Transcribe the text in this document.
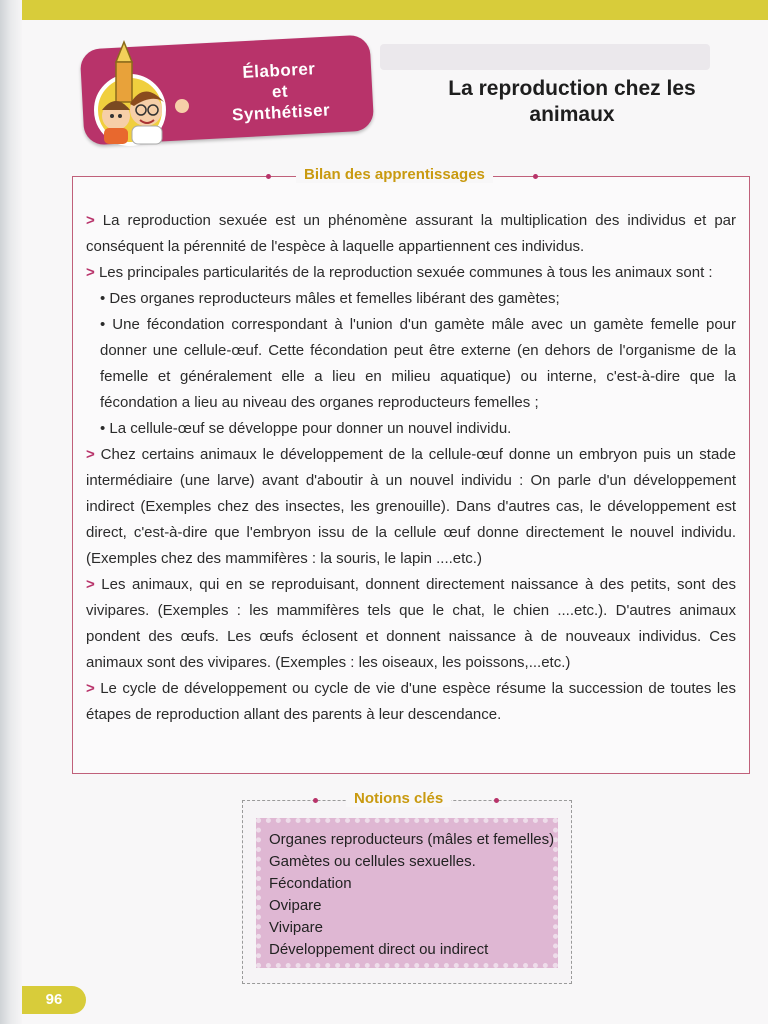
Élaborer
et
Synthétiser
La reproduction chez les
animaux
Bilan des apprentissages

> La reproduction sexuée est un phénomène assurant la multiplication des individus et par conséquent la pérennité de l'espèce à laquelle appartiennent ces individus.

> Les principales particularités de la reproduction sexuée communes à tous les animaux sont :

• Des organes reproducteurs mâles et femelles libérant des gamètes;

• Une fécondation correspondant à l'union d'un gamète mâle avec un gamète femelle pour donner une cellule-œuf. Cette fécondation peut être externe (en dehors de l'organisme de la femelle et généralement elle a lieu en milieu aquatique) ou interne, c'est-à-dire que la fécondation a lieu au niveau des organes reproducteurs femelles ;

• La cellule-œuf se développe pour donner un nouvel individu.

> Chez certains animaux le développement de la cellule-œuf donne un embryon puis un stade intermédiaire (une larve) avant d'aboutir à un nouvel individu : On parle d'un développement indirect (Exemples chez des insectes, les grenouille). Dans d'autres cas, le développement est direct, c'est-à-dire que l'embryon issu de la cellule œuf donne directement le nouvel individu. (Exemples chez des mammifères : la souris, le lapin ....etc.)

> Les animaux, qui en se reproduisant, donnent directement naissance à des petits, sont des vivipares. (Exemples : les mammifères tels que le chat, le chien ....etc.). D'autres animaux pondent des œufs. Les œufs éclosent et donnent naissance à de nouveaux individus. Ces animaux sont des vivipares. (Exemples : les oiseaux, les poissons,...etc.)

> Le cycle de développement ou cycle de vie d'une espèce résume la succession de toutes les étapes de reproduction allant des parents à leur descendance.

Notions clés
Organes reproducteurs (mâles et femelles)
Gamètes ou cellules sexuelles.
Fécondation
Ovipare
Vivipare
Développement direct ou indirect
96
